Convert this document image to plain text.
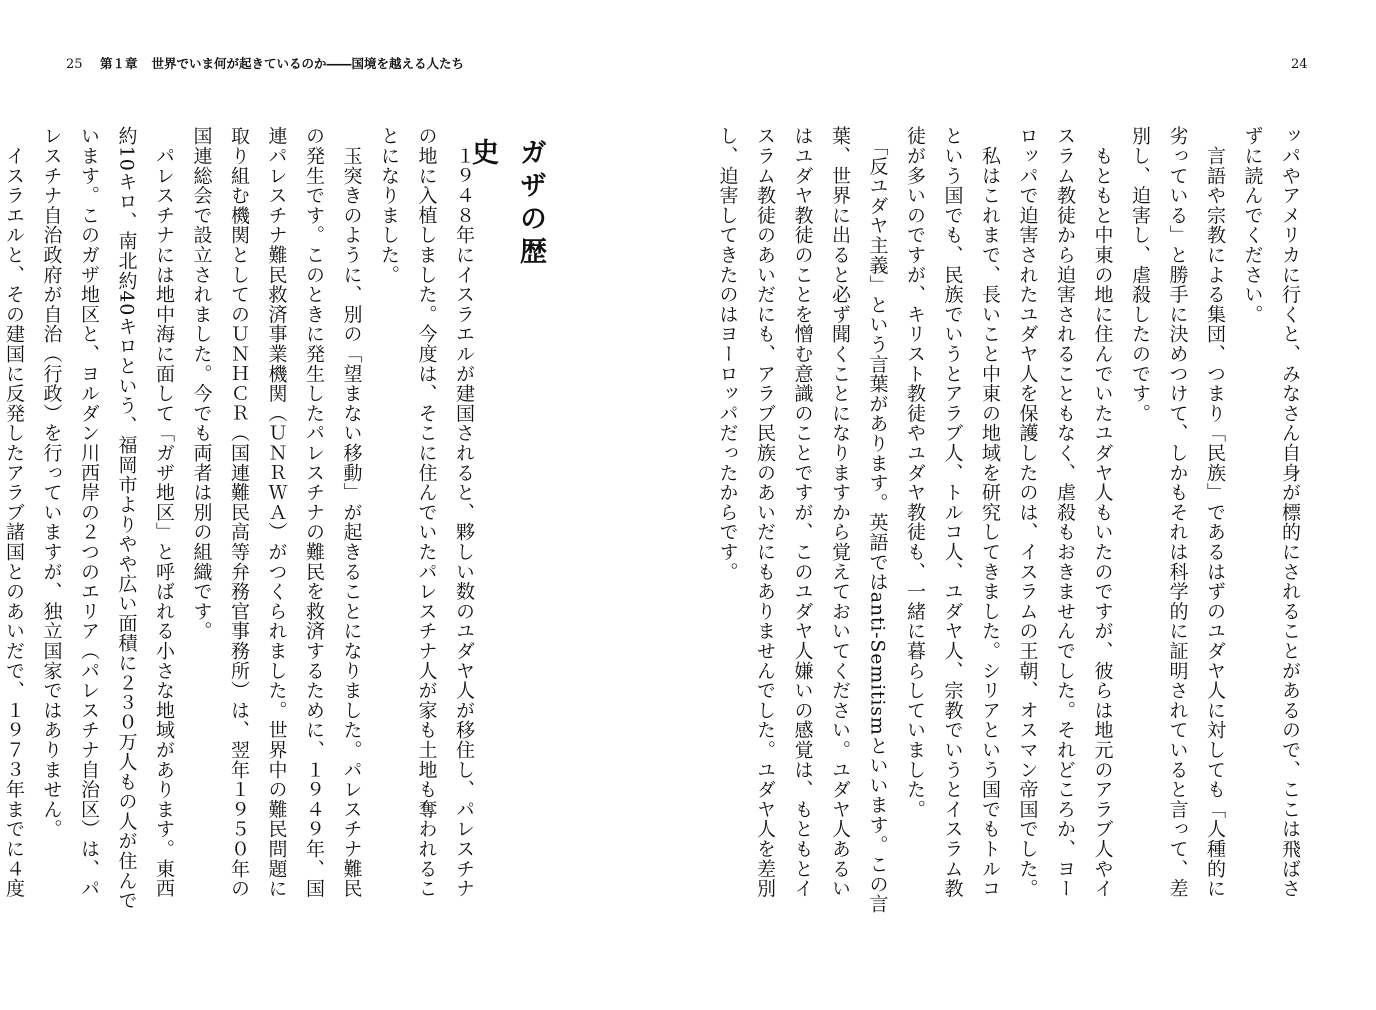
25 第１章 世界でいま何が起きているのか――国境を越える人たち
ガザの歴史

　１９４８年にイスラエルが建国されると、夥しい数のユダヤ人が移住し、パレスチナ

の地に入植しました。今度は、そこに住んでいたパレスチナ人が家も土地も奪われるこ

とになりました。

　玉突きのように、別の「望まない移動」が起きることになりました。パレスチナ難民

の発生です。このときに発生したパレスチナの難民を救済するために、１９４９年、国

連パレスチナ難民救済事業機関（ＵＮＲＷＡ）がつくられました。世界中の難民問題に

取り組む機関としてのＵＮＨＣＲ（国連難民高等弁務官事務所）は、翌年１９５０年の

国連総会で設立されました。今でも両者は別の組織です。

　パレスチナには地中海に面して「ガザ地区」と呼ばれる小さな地域があります。東西

約10キロ、南北約40キロという、福岡市よりやや広い面積に２３０万人もの人が住んで

います。このガザ地区と、ヨルダン川西岸の２つのエリア（パレスチナ自治区）は、パ

レスチナ自治政府が自治（行政）を行っていますが、独立国家ではありません。

　イスラエルと、その建国に反発したアラブ諸国とのあいだで、１９７３年までに４度

24

ッパやアメリカに行くと、みなさん自身が標的にされることがあるので、ここは飛ばさ

ずに読んでください。

　言語や宗教による集団、つまり「民族」であるはずのユダヤ人に対しても「人種的に

劣っている」と勝手に決めつけて、しかもそれは科学的に証明されていると言って、差

別し、迫害し、虐殺したのです。

　もともと中東の地に住んでいたユダヤ人もいたのですが、彼らは地元のアラブ人やイ

スラム教徒から迫害されることもなく、虐殺もおきませんでした。それどころか、ヨー

ロッパで迫害されたユダヤ人を保護したのは、イスラムの王朝、オスマン帝国でした。

　私はこれまで、長いこと中東の地域を研究してきました。シリアという国でもトルコ

という国でも、民族でいうとアラブ人、トルコ人、ユダヤ人、宗教でいうとイスラム教

徒が多いのですが、キリスト教徒やユダヤ教徒も、一緒に暮らしていました。

　「反ユダヤ主義」という言葉があります。英語ではanti-Semitismといいます。この言

葉、世界に出ると必ず聞くことになりますから覚えておいてください。ユダヤ人あるい

はユダヤ教徒のことを憎む意識のことですが、このユダヤ人嫌いの感覚は、もともとイ

スラム教徒のあいだにも、アラブ民族のあいだにもありませんでした。ユダヤ人を差別

し、迫害してきたのはヨーロッパだったからです。
